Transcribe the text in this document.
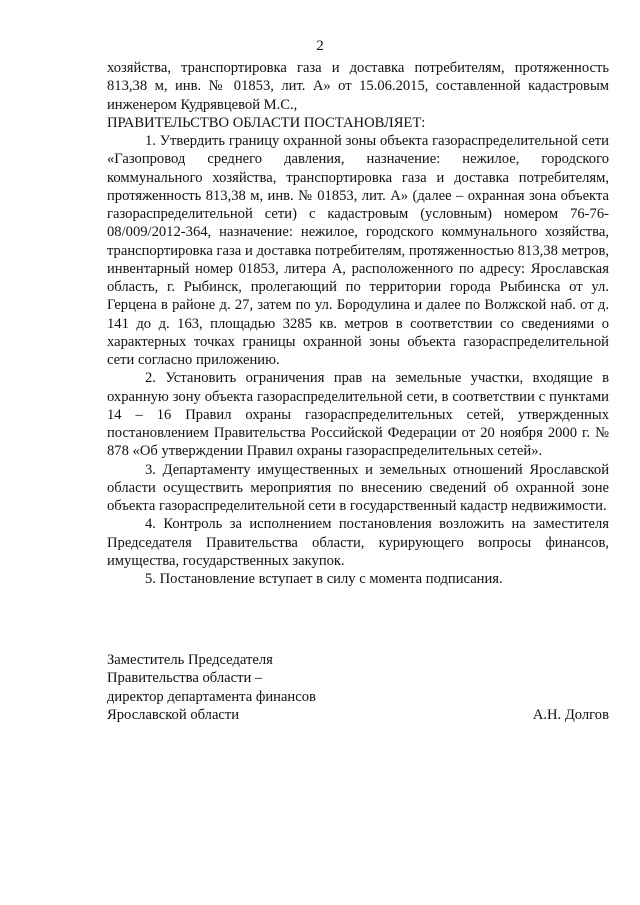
2

хозяйства, транспортировка газа и доставка потребителям, протяженность 813,38 м, инв. № 01853, лит. А» от 15.06.2015, составленной кадастровым инженером Кудрявцевой М.С.,

ПРАВИТЕЛЬСТВО ОБЛАСТИ ПОСТАНОВЛЯЕТ:

1. Утвердить границу охранной зоны объекта газораспределительной сети «Газопровод среднего давления, назначение: нежилое, городского коммунального хозяйства, транспортировка газа и доставка потребителям, протяженность 813,38 м, инв. № 01853, лит. А» (далее – охранная зона объекта газораспределительной сети) с кадастровым (условным) номером 76-76-08/009/2012-364, назначение: нежилое, городского коммунального хозяйства, транспортировка газа и доставка потребителям, протяженностью 813,38 метров, инвентарный номер 01853, литера А, расположенного по адресу: Ярославская область, г. Рыбинск, пролегающий по территории города Рыбинска от ул. Герцена в районе д. 27, затем по ул. Бородулина и далее по Волжской наб. от д. 141 до д. 163, площадью 3285 кв. метров в соответствии со сведениями о характерных точках границы охранной зоны объекта газораспределительной сети согласно приложению.

2. Установить ограничения прав на земельные участки, входящие в охранную зону объекта газораспределительной сети, в соответствии с пунктами 14 – 16 Правил охраны газораспределительных сетей, утвержденных постановлением Правительства Российской Федерации от 20 ноября 2000 г. № 878 «Об утверждении Правил охраны газораспределительных сетей».

3. Департаменту имущественных и земельных отношений Ярославской области осуществить мероприятия по внесению сведений об охранной зоне объекта газораспределительной сети в государственный кадастр недвижимости.

4. Контроль за исполнением постановления возложить на заместителя Председателя Правительства области, курирующего вопросы финансов, имущества, государственных закупок.

5. Постановление вступает в силу с момента подписания.

Заместитель Председателя
Правительства области –
директор департамента финансов
Ярославской области	А.Н. Долгов
